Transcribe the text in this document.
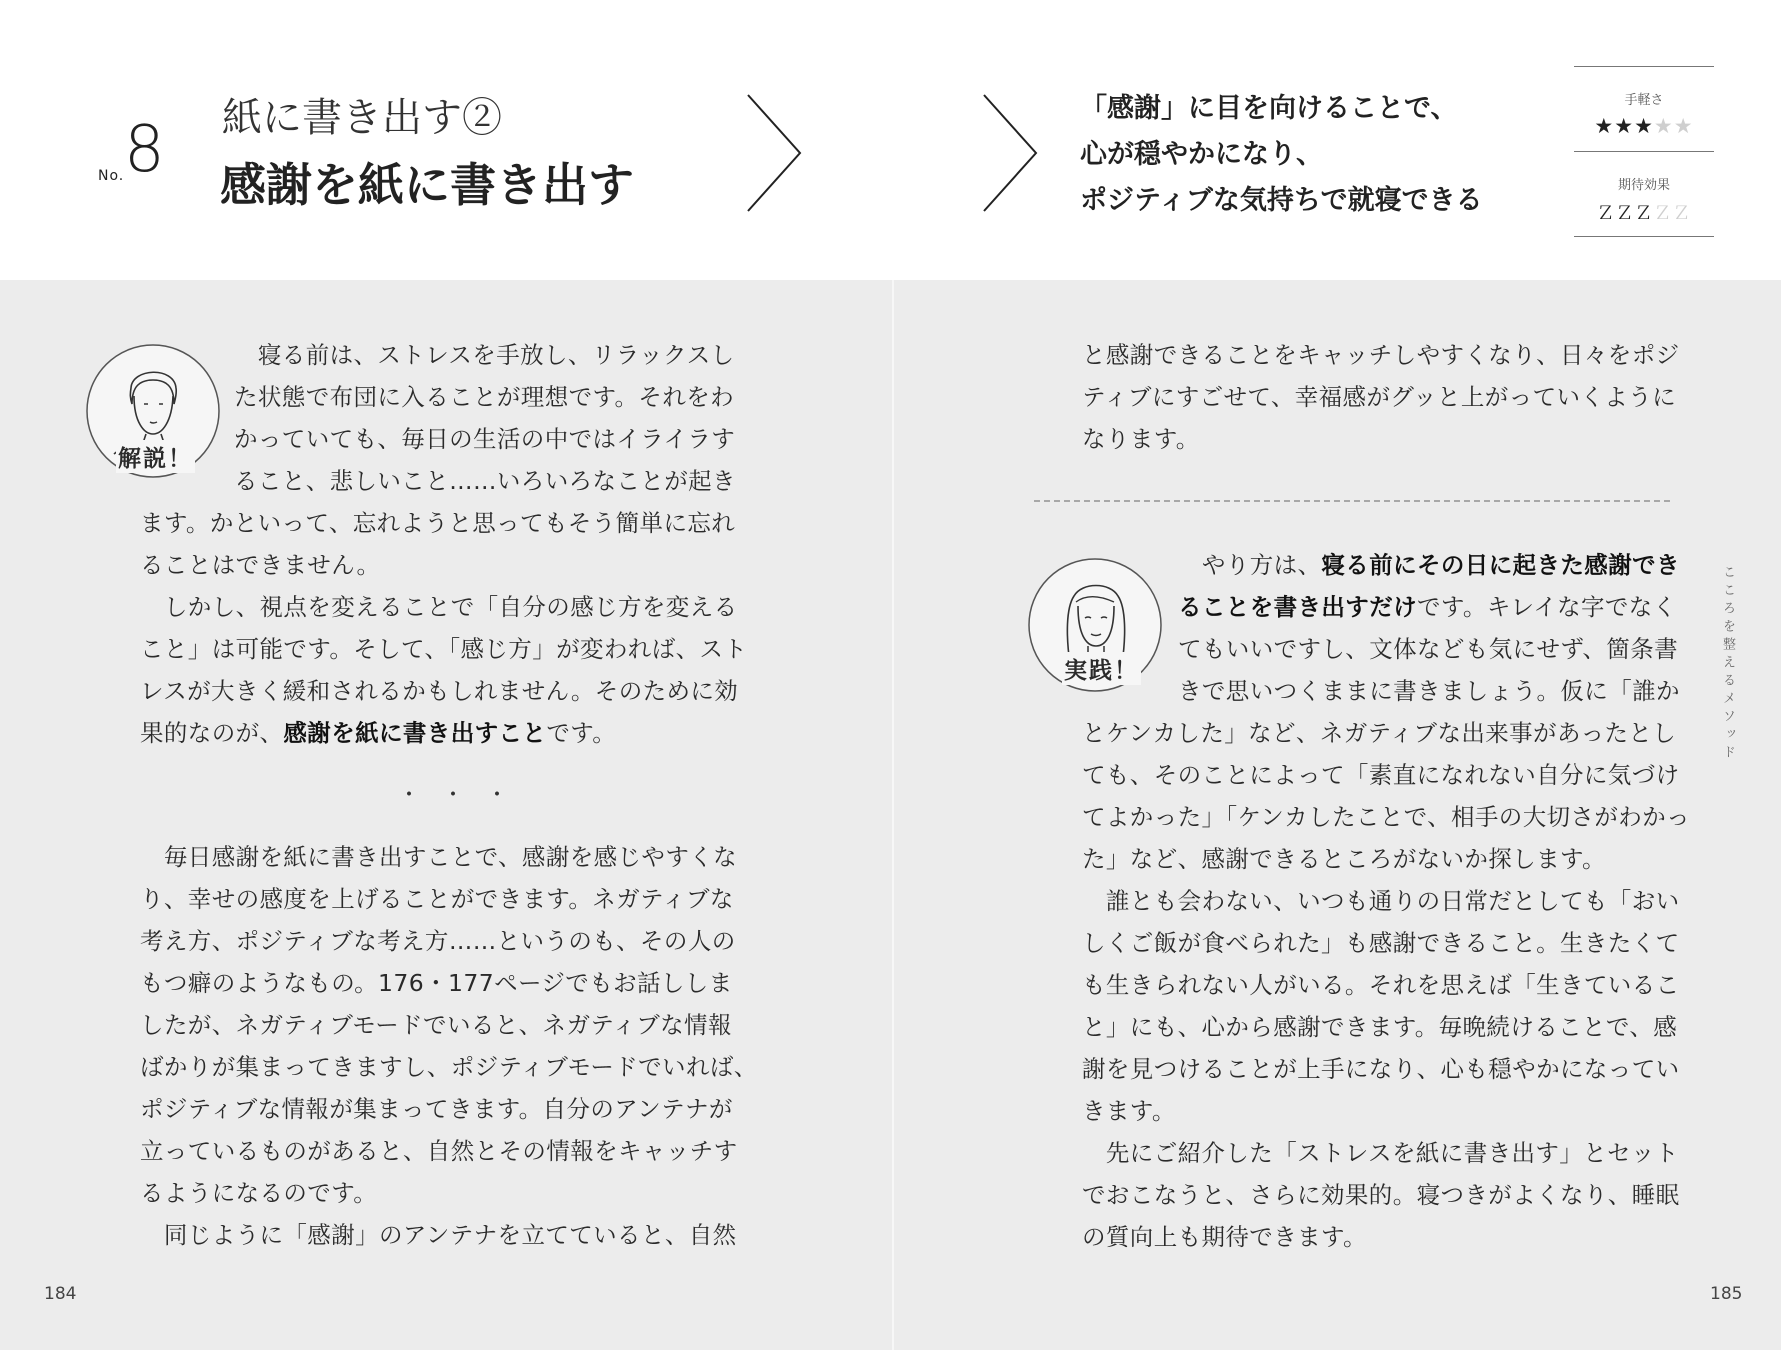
No. 8 紙に書き出す②
感謝を紙に書き出す
「感謝」に目を向けることで、
心が穏やかになり、
ポジティブな気持ちで就寝できる
手軽さ
★★★★★
期待効果
ＺＺＺＺＺ
解説！
　寝る前は、ストレスを手放し、リラックスし
た状態で布団に入ることが理想です。それをわ
かっていても、毎日の生活の中ではイライラす
ること、悲しいこと……いろいろなことが起き
ます。かといって、忘れようと思ってもそう簡単に忘れ
ることはできません。
　しかし、視点を変えることで「自分の感じ方を変える
こと」は可能です。そして、「感じ方」が変われば、スト
レスが大きく緩和されるかもしれません。そのために効
果的なのが、感謝を紙に書き出すことです。
・・・
　毎日感謝を紙に書き出すことで、感謝を感じやすくな
り、幸せの感度を上げることができます。ネガティブな
考え方、ポジティブな考え方……というのも、その人の
もつ癖のようなもの。176・177ページでもお話ししま
したが、ネガティブモードでいると、ネガティブな情報
ばかりが集まってきますし、ポジティブモードでいれば、
ポジティブな情報が集まってきます。自分のアンテナが
立っているものがあると、自然とその情報をキャッチす
るようになるのです。
　同じように「感謝」のアンテナを立てていると、自然
184
と感謝できることをキャッチしやすくなり、日々をポジ
ティブにすごせて、幸福感がグッと上がっていくように
なります。
実践！
　やり方は、寝る前にその日に起きた感謝でき
ることを書き出すだけです。キレイな字でなく
てもいいですし、文体なども気にせず、箇条書
きで思いつくままに書きましょう。仮に「誰か
とケンカした」など、ネガティブな出来事があったとし
ても、そのことによって「素直になれない自分に気づけ
てよかった」「ケンカしたことで、相手の大切さがわかっ
た」など、感謝できるところがないか探します。
　誰とも会わない、いつも通りの日常だとしても「おい
しくご飯が食べられた」も感謝できること。生きたくて
も生きられない人がいる。それを思えば「生きているこ
と」にも、心から感謝できます。毎晩続けることで、感
謝を見つけることが上手になり、心も穏やかになってい
きます。
　先にご紹介した「ストレスを紙に書き出す」とセット
でおこなうと、さらに効果的。寝つきがよくなり、睡眠
の質向上も期待できます。
こころを整えるメソッド
185
